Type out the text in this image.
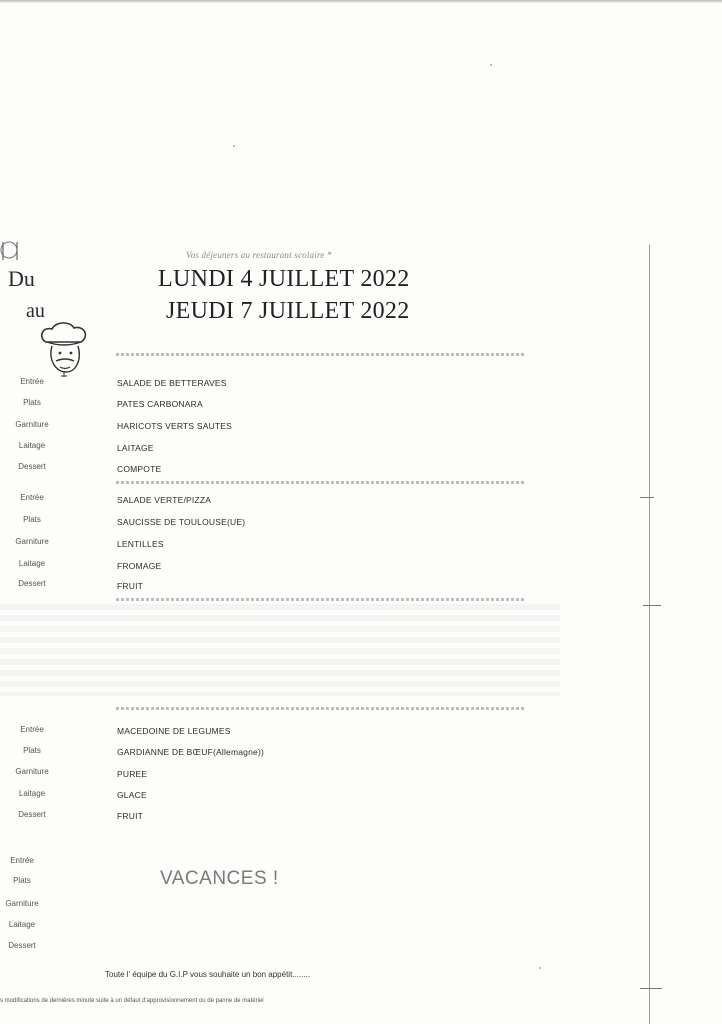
Vos déjeuners au restaurant scolaire *
Du
au
LUNDI 4 JUILLET 2022
JEUDI 7 JUILLET 2022
Entrée	SALADE DE BETTERAVES
Plats	PATES CARBONARA
Garniture	HARICOTS VERTS SAUTES
Laitage	LAITAGE
Dessert	COMPOTE
Entrée	SALADE VERTE/PIZZA
Plats	SAUCISSE DE TOULOUSE(UE)
Garniture	LENTILLES
Laitage	FROMAGE
Dessert	FRUIT
Entrée	MACEDOINE DE LEGUMES
Plats	GARDIANNE DE BŒUF(Allemagne))
Garniture	PUREE
Laitage	GLACE
Dessert	FRUIT
Entrée
Plats
Garniture
Laitage
Dessert
VACANCES !
Toute l' équipe du G.I.P vous souhaite un bon appétit........
s modifications de dernières minute suite à un défaut d'approvisionnement ou de panne de matériel
